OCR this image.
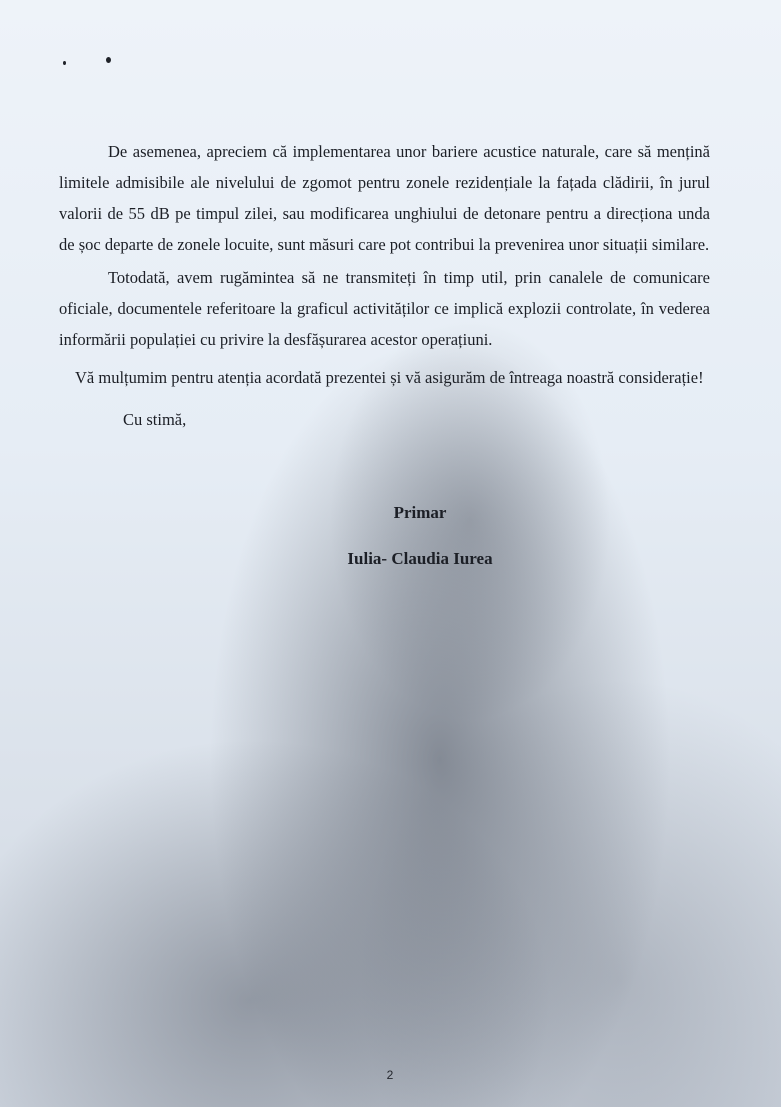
De asemenea, apreciem că implementarea unor bariere acustice naturale, care să mențină limitele admisibile ale nivelului de zgomot pentru zonele rezidențiale la fațada clădirii, în jurul valorii de 55 dB pe timpul zilei, sau modificarea unghiului de detonare pentru a direcționa unda de șoc departe de zonele locuite, sunt măsuri care pot contribui la prevenirea unor situații similare.

Totodată, avem rugămintea să ne transmiteți în timp util, prin canalele de comunicare oficiale, documentele referitoare la graficul activităților ce implică explozii controlate, în vederea informării populației cu privire la desfășurarea acestor operațiuni.

Vă mulțumim pentru atenția acordată prezentei și vă asigurăm de întreaga noastră considerație!

Cu stimă,

Primar

Iulia- Claudia Iurea

2
